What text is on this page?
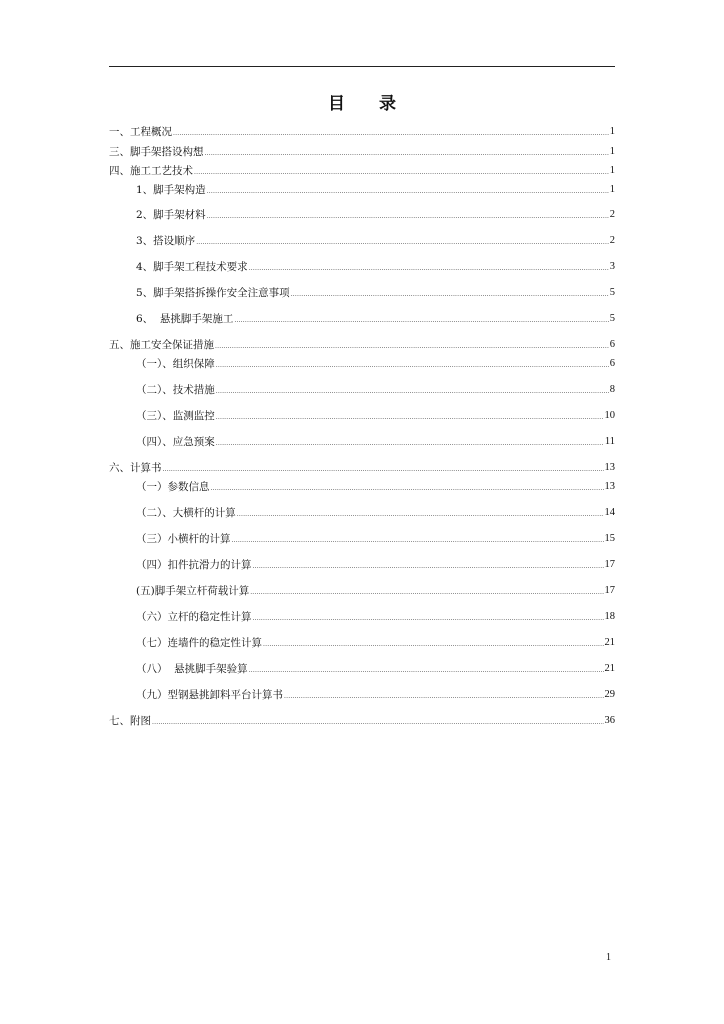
目 录
一、工程概况 .....	1
三、脚手架搭设构想 .....	1
四、施工工艺技术 .....	1
1、脚手架构造 .....	1
2、脚手架材料 .....	2
3、搭设顺序 .....	2
4、脚手架工程技术要求 .....	3
5、脚手架搭拆操作安全注意事项 .....	5
6、  悬挑脚手架施工 .....	5
五、施工安全保证措施 .....	6
（一）、组织保障 .....	6
（二）、技术措施 .....	8
（三）、监测监控 .....	10
（四）、应急预案 .....	11
六、计算书 .....	13
（一）参数信息 .....	13
（二）、大横杆的计算 .....	14
（三）小横杆的计算 .....	15
（四）扣件抗滑力的计算 .....	17
(五)脚手架立杆荷载计算 .....	17
（六）立杆的稳定性计算 .....	18
（七）连墙件的稳定性计算 .....	21
（八）  悬挑脚手架验算 .....	21
（九）型钢悬挑卸料平台计算书 .....	29
七、附图 .....	36
1
